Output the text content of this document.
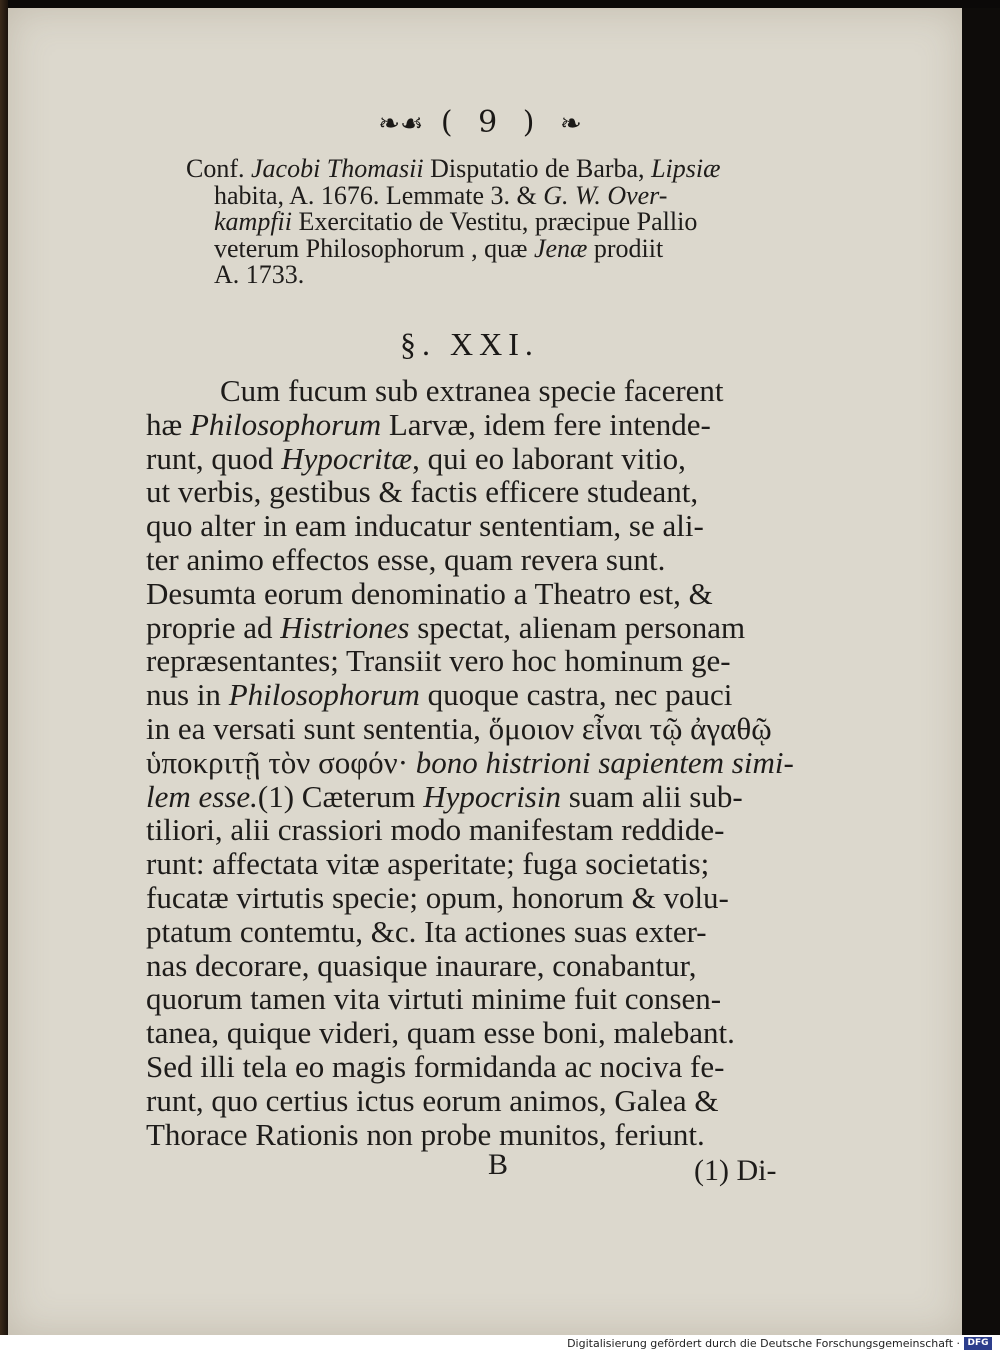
❧☙ ( 9 ) ❧
Conf. Jacobi Thomasii Disputatio de Barba, Lipsiæ
habita, A. 1676. Lemmate 3. & G. W. Over-
kampfii Exercitatio de Vestitu, præcipue Pallio
veterum Philosophorum , quæ Jenæ prodiit
A. 1733.
§. XXI.
Cum fucum sub extranea specie facerent
hæ Philosophorum Larvæ, idem fere intende-
runt, quod Hypocritæ, qui eo laborant vitio,
ut verbis, gestibus & factis efficere studeant,
quo alter in eam inducatur sententiam, se ali-
ter animo effectos esse, quam revera sunt.
Desumta eorum denominatio a Theatro est, &
proprie ad Histriones spectat, alienam personam
repræsentantes; Transiit vero hoc hominum ge-
nus in Philosophorum quoque castra, nec pauci
in ea versati sunt sententia, ὅμοιον εἶναι τῷ ἀγαθῷ
ὑποκριτῇ τὸν σοφόν· bono histrioni sapientem simi-
lem esse.(1) Cæterum Hypocrisin suam alii sub-
tiliori, alii crassiori modo manifestam reddide-
runt: affectata vitæ asperitate; fuga societatis;
fucatæ virtutis specie; opum, honorum & volu-
ptatum contemtu, &c. Ita actiones suas exter-
nas decorare, quasique inaurare, conabantur,
quorum tamen vita virtuti minime fuit consen-
tanea, quique videri, quam esse boni, malebant.
Sed illi tela eo magis formidanda ac nociva fe-
runt, quo certius ictus eorum animos, Galea &
Thorace Rationis non probe munitos, feriunt.
B	(1) Di-
Digitalisierung gefördert durch die Deutsche Forschungsgemeinschaft · DFG
